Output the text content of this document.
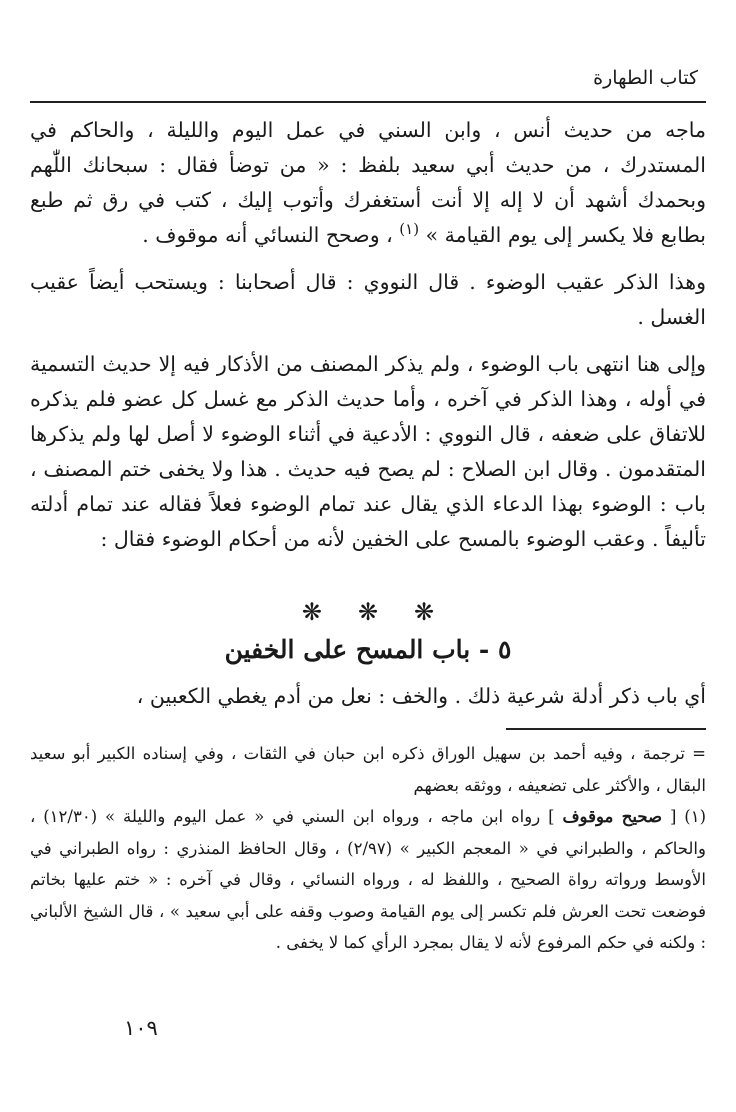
كتاب الطهارة

ماجه من حديث أنس ، وابن السني في عمل اليوم والليلة ، والحاكم في المستدرك ، من حديث أبي سعيد بلفظ : « من توضأ فقال : سبحانك اللّٰهم وبحمدك أشهد أن لا إله إلا أنت أستغفرك وأتوب إليك ، كتب في رق ثم طبع بطابع فلا يكسر إلى يوم القيامة » $^{(١)}$ ، وصحح النسائي أنه موقوف .

وهذا الذكر عقيب الوضوء . قال النووي : قال أصحابنا : ويستحب أيضاً عقيب الغسل .

وإلى هنا انتهى باب الوضوء ، ولم يذكر المصنف من الأذكار فيه إلا حديث التسمية في أوله ، وهذا الذكر في آخره ، وأما حديث الذكر مع غسل كل عضو فلم يذكره للاتفاق على ضعفه ، قال النووي : الأدعية في أثناء الوضوء لا أصل لها ولم يذكرها المتقدمون . وقال ابن الصلاح : لم يصح فيه حديث . هذا ولا يخفى ختم المصنف ، باب : الوضوء بهذا الدعاء الذي يقال عند تمام الوضوء فعلاً فقاله عند تمام أدلته تأليفاً . وعقب الوضوء بالمسح على الخفين لأنه من أحكام الوضوء فقال :

❋ ❋ ❋
٥ - باب المسح على الخفين
أي باب ذكر أدلة شرعية ذلك . والخف : نعل من أدم يغطي الكعبين ،

= ترجمة ، وفيه أحمد بن سهيل الوراق ذكره ابن حبان في الثقات ، وفي إسناده الكبير أبو سعيد البقال ، والأكثر على تضعيفه ، ووثقه بعضهم

(١) [ صحيح موقوف ] رواه ابن ماجه ، ورواه ابن السني في « عمل اليوم والليلة » (١٢/٣٠) ، والحاكم ، والطبراني في « المعجم الكبير » (٢/٩٧) ، وقال الحافظ المنذري : رواه الطبراني في الأوسط ورواته رواة الصحيح ، واللفظ له ، ورواه النسائي ، وقال في آخره : « ختم عليها بخاتم فوضعت تحت العرش فلم تكسر إلى يوم القيامة وصوب وقفه على أبي سعيد » ، قال الشيخ الألباني : ولكنه في حكم المرفوع لأنه لا يقال بمجرد الرأي كما لا يخفى .

١٠٩
